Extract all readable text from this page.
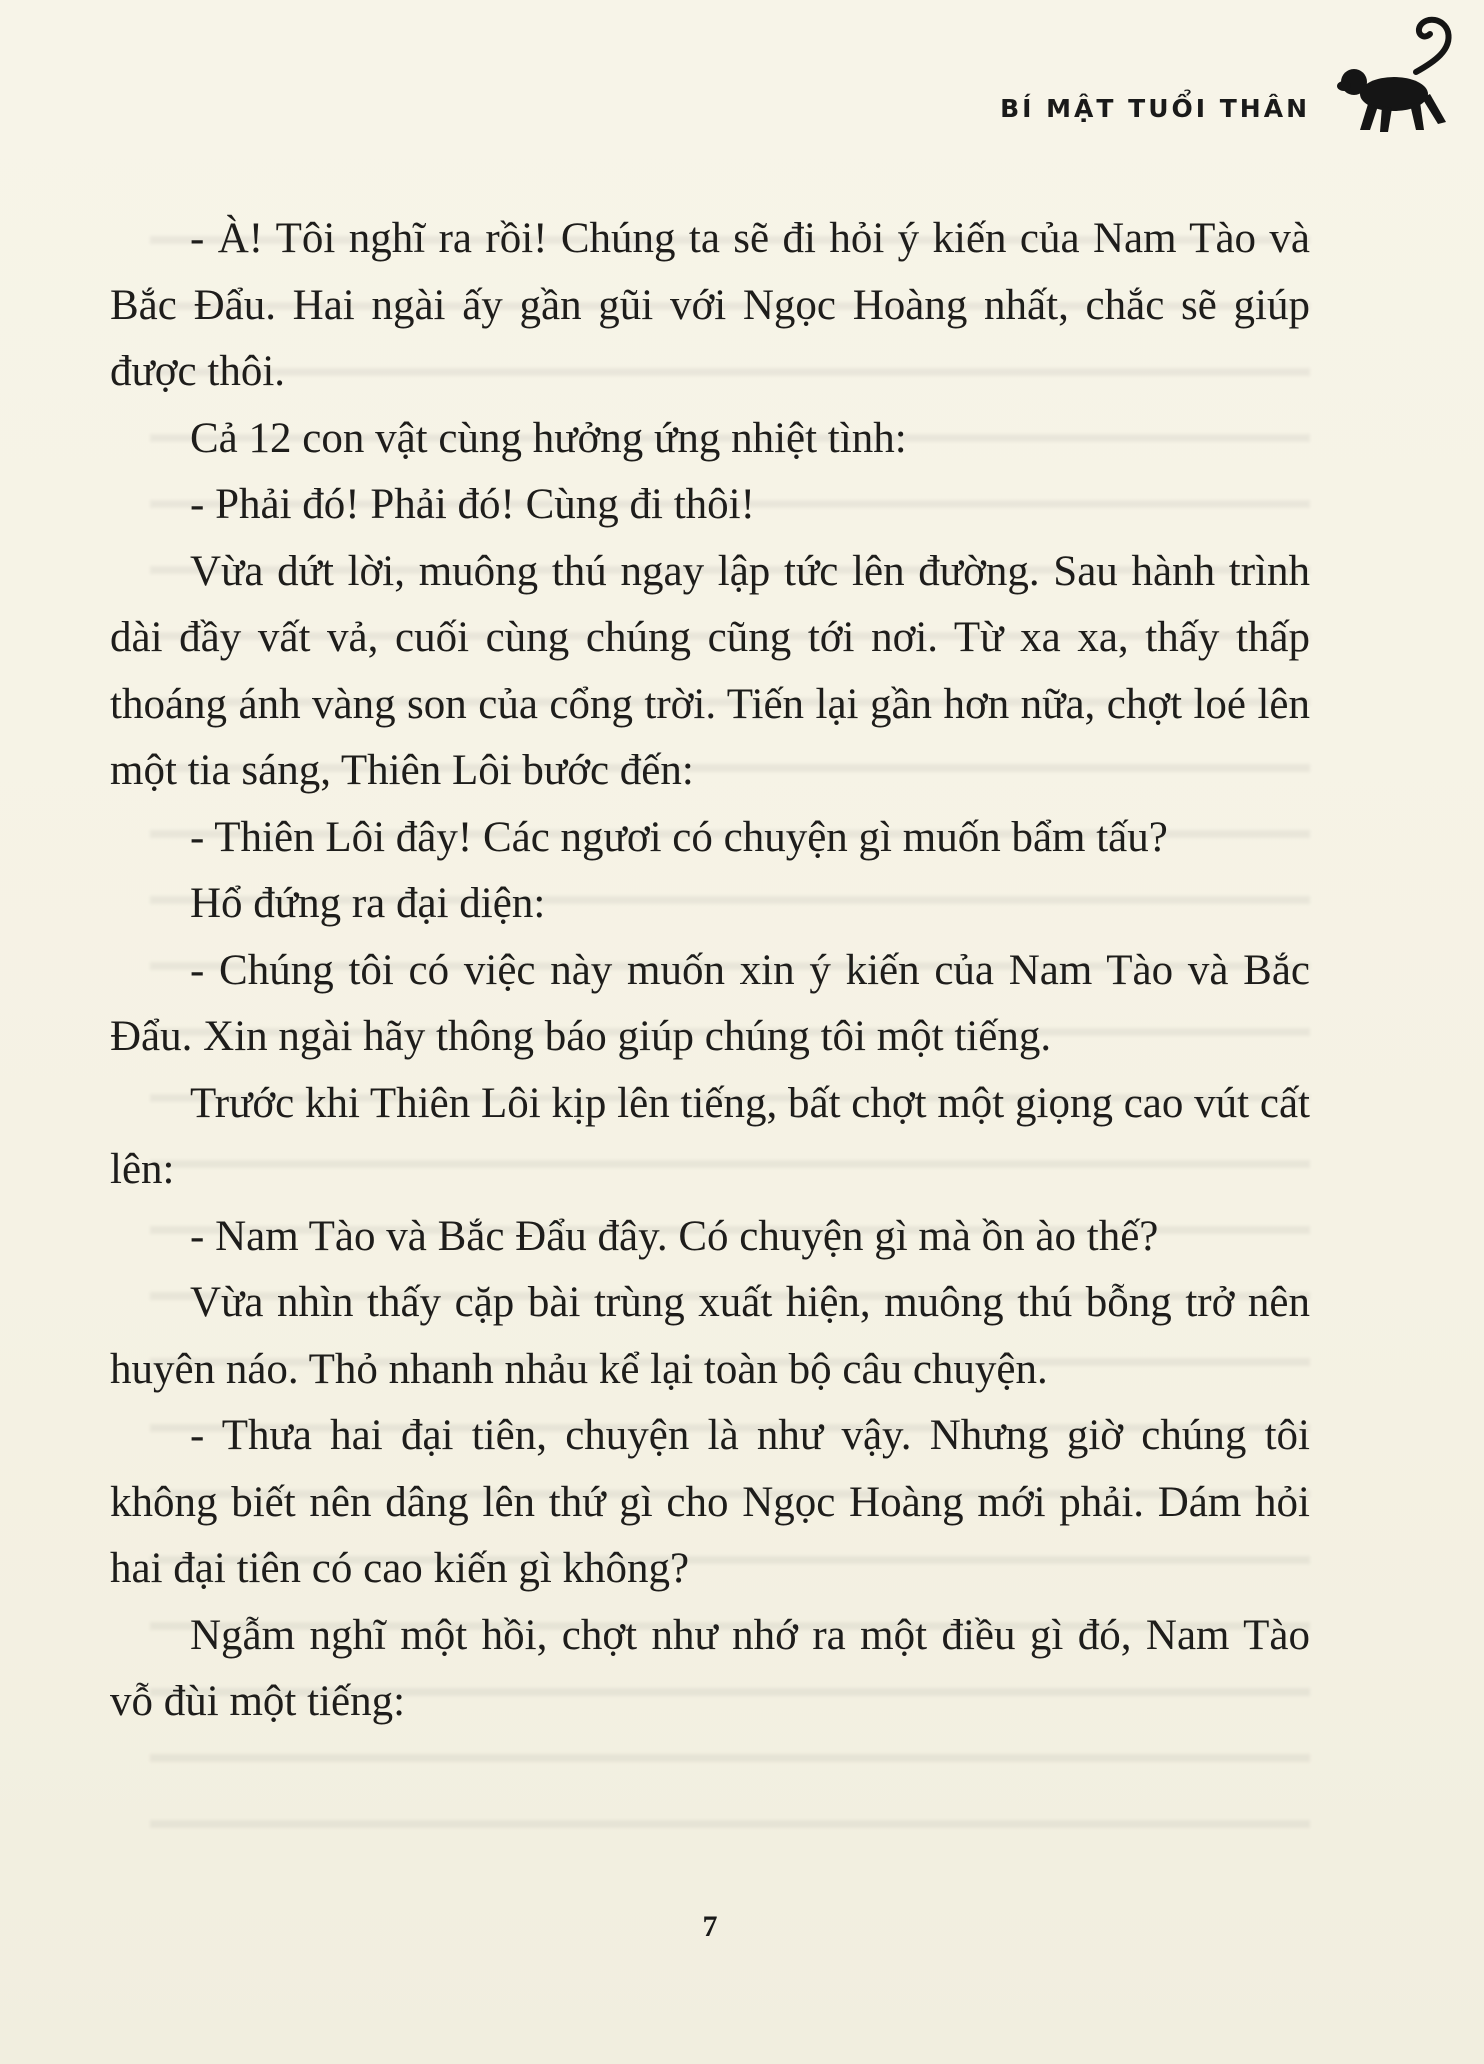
BÍ MẬT TUỔI THÂN

- À! Tôi nghĩ ra rồi! Chúng ta sẽ đi hỏi ý kiến của Nam Tào và Bắc Đẩu. Hai ngài ấy gần gũi với Ngọc Hoàng nhất, chắc sẽ giúp được thôi.

Cả 12 con vật cùng hưởng ứng nhiệt tình:

- Phải đó! Phải đó! Cùng đi thôi!

Vừa dứt lời, muông thú ngay lập tức lên đường. Sau hành trình dài đầy vất vả, cuối cùng chúng cũng tới nơi. Từ xa xa, thấy thấp thoáng ánh vàng son của cổng trời. Tiến lại gần hơn nữa, chợt loé lên một tia sáng, Thiên Lôi bước đến:

- Thiên Lôi đây! Các ngươi có chuyện gì muốn bẩm tấu?

Hổ đứng ra đại diện:

- Chúng tôi có việc này muốn xin ý kiến của Nam Tào và Bắc Đẩu. Xin ngài hãy thông báo giúp chúng tôi một tiếng.

Trước khi Thiên Lôi kịp lên tiếng, bất chợt một giọng cao vút cất lên:

- Nam Tào và Bắc Đẩu đây. Có chuyện gì mà ồn ào thế?

Vừa nhìn thấy cặp bài trùng xuất hiện, muông thú bỗng trở nên huyên náo. Thỏ nhanh nhảu kể lại toàn bộ câu chuyện.

- Thưa hai đại tiên, chuyện là như vậy. Nhưng giờ chúng tôi không biết nên dâng lên thứ gì cho Ngọc Hoàng mới phải. Dám hỏi hai đại tiên có cao kiến gì không?

Ngẫm nghĩ một hồi, chợt như nhớ ra một điều gì đó, Nam Tào vỗ đùi một tiếng:

7
